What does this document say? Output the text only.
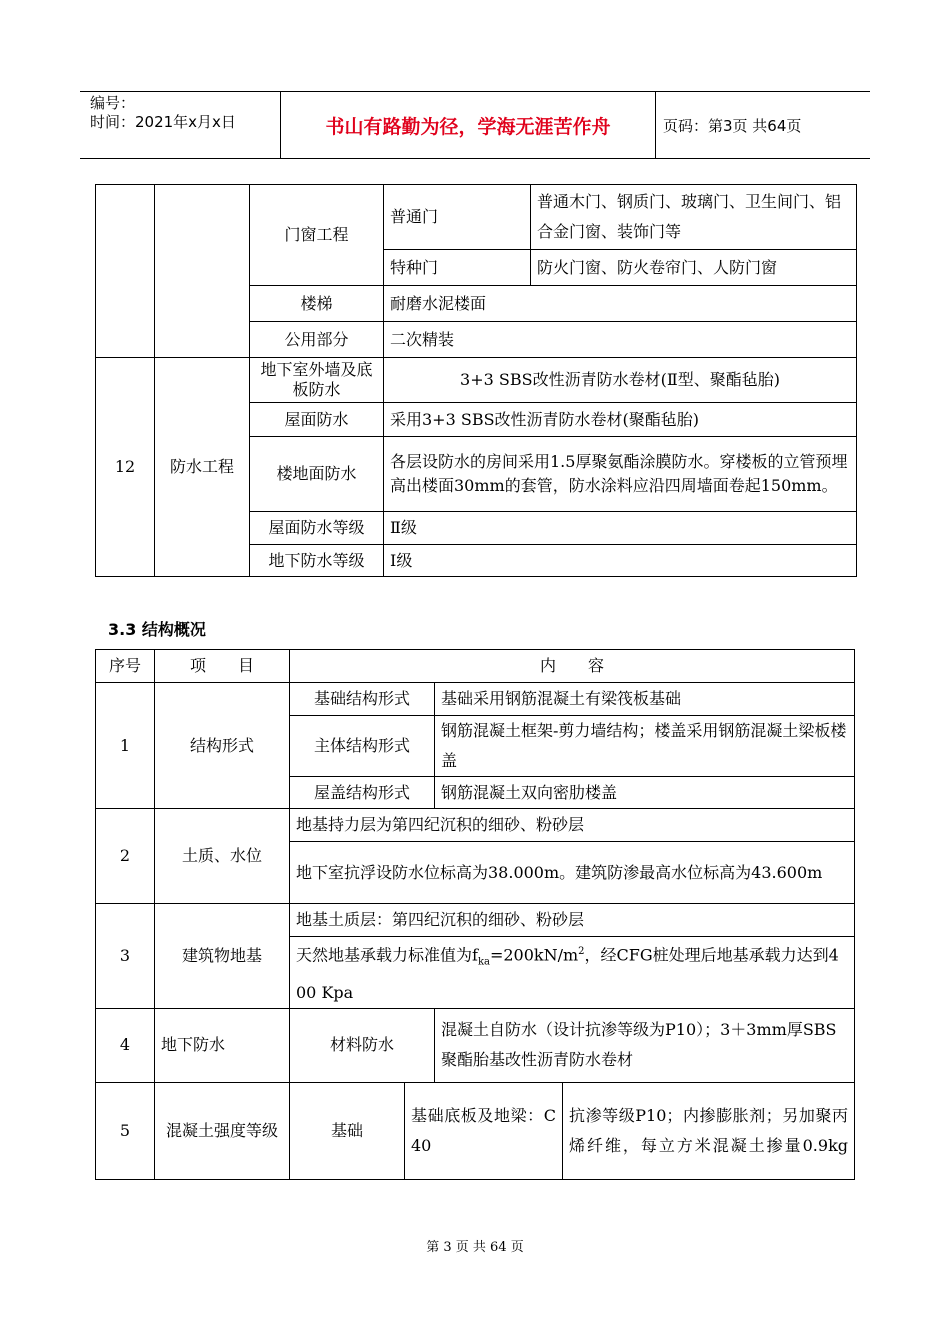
编号：
时间：2021年x月x日	书山有路勤为径，学海无涯苦作舟	页码：第3页 共64页
		门窗工程	普通门	普通木门、钢质门、玻璃门、卫生间门、铝合金门窗、装饰门等
			特种门	防火门窗、防火卷帘门、人防门窗
		楼梯	耐磨水泥楼面	
		公用部分	二次精装	
12	防水工程	地下室外墙及底板防水	3+3 SBS改性沥青防水卷材(Ⅱ型、聚酯毡胎)	
		屋面防水	采用3+3 SBS改性沥青防水卷材(聚酯毡胎)	
		楼地面防水	各层设防水的房间采用1.5厚聚氨酯涂膜防水。穿楼板的立管预埋高出楼面30mm的套管，防水涂料应沿四周墙面卷起150mm。	
		屋面防水等级	Ⅱ级	
		地下防水等级	Ⅰ级	
3.3 结构概况
序号	项　　目	内　　容			
1	结构形式	基础结构形式		基础采用钢筋混凝土有梁筏板基础	
		主体结构形式		钢筋混凝土框架-剪力墙结构；楼盖采用钢筋混凝土梁板楼盖	
		屋盖结构形式		钢筋混凝土双向密肋楼盖	
2	土质、水位	地基持力层为第四纪沉积的细砂、粉砂层			
		地下室抗浮设防水位标高为38.000m。建筑防渗最高水位标高为43.600m			
3	建筑物地基	地基土质层：第四纪沉积的细砂、粉砂层			
		天然地基承载力标准值为$f_{ka}=200kN/m^2$，经CFG桩处理后地基承载力达到400 Kpa			
4	地下防水	材料防水		混凝土自防水（设计抗渗等级为P10）；3＋3mm厚SBS聚酯胎基改性沥青防水卷材	
5	混凝土强度等级	基础	基础底板及地梁：C40		抗渗等级P10；内掺膨胀剂；另加聚丙烯纤维，每立方米混凝土掺量0.9kg
第 3 页 共 64 页
